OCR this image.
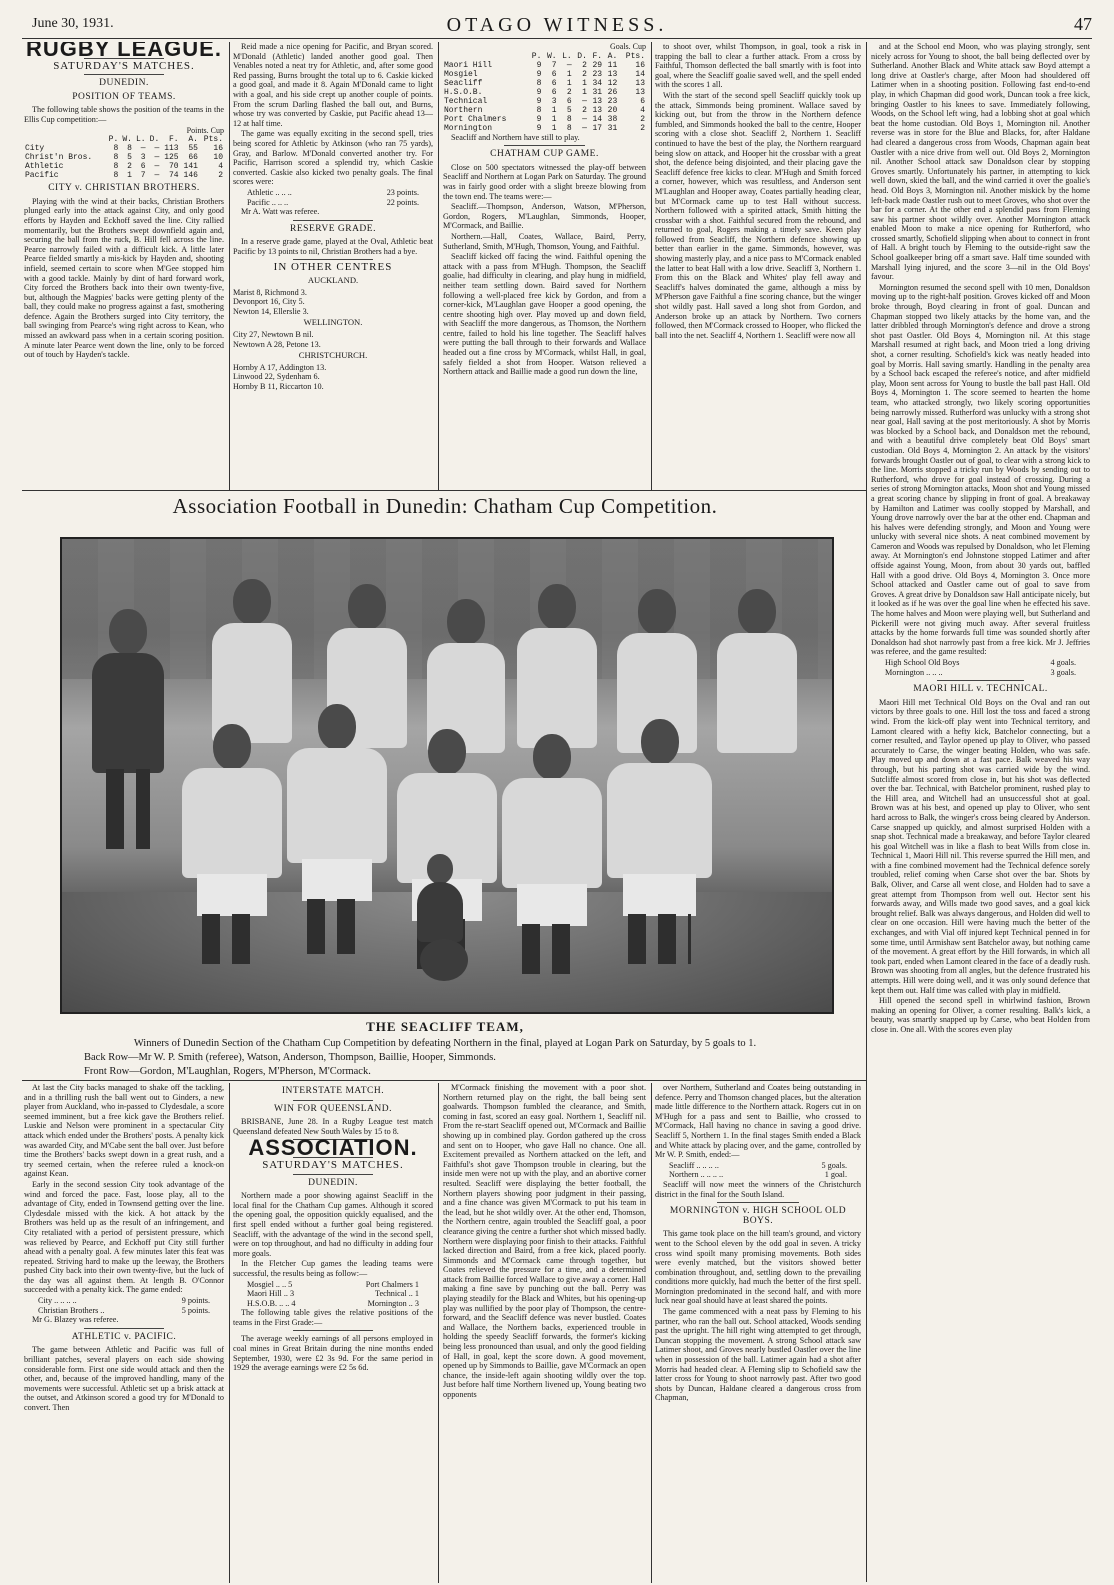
June 30, 1931.	OTAGO WITNESS.	47
RUGBY LEAGUE.
SATURDAY'S MATCHES.
DUNEDIN.
POSITION OF TEAMS.

The following table shows the position of the teams in the Ellis Cup competition:—

Points. Cup
	P.	W.	L.	D.	F.	A.	Pts.
City	8	8	—	—	113	55	16
Christ'n Bros.	8	5	3	—	125	66	10
Athletic	8	2	6	—	70	141	4
Pacific	8	1	7	—	74	146	2
CITY v. CHRISTIAN BROTHERS.

Playing with the wind at their backs, Christian Brothers plunged early into the attack against City, and only good efforts by Hayden and Eckhoff saved the line. City rallied momentarily, but the Brothers swept downfield again and, securing the ball from the ruck, B. Hill fell across the line. Pearce narrowly failed with a difficult kick. A little later Pearce fielded smartly a mis-kick by Hayden and, shooting infield, seemed certain to score when M'Gee stopped him with a good tackle. Mainly by dint of hard forward work, City forced the Brothers back into their own twenty-five, but, although the Magpies' backs were getting plenty of the ball, they could make no progress against a fast, smothering defence. Again the Brothers surged into City territory, the ball swinging from Pearce's wing right across to Kean, who missed an awkward pass when in a certain scoring position. A minute later Pearce went down the line, only to be forced out of touch by Hayden's tackle.

Reid made a nice opening for Pacific, and Bryan scored. M'Donald (Athletic) landed another good goal. Then Venables noted a neat try for Athletic, and, after some good Red passing, Burns brought the total up to 6. Caskie kicked a good goal, and made it 8. Again M'Donald came to light with a goal, and his side crept up another couple of points. From the scrum Darling flashed the ball out, and Burns, whose try was converted by Caskie, put Pacific ahead 13—12 at half time.

The game was equally exciting in the second spell, tries being scored for Athletic by Atkinson (who ran 75 yards), Gray, and Barlow. M'Donald converted another try. For Pacific, Harrison scored a splendid try, which Caskie converted. Caskie also kicked two penalty goals. The final scores were:

Athletic .. .. ..	23 points.
Pacific .. .. ..	22 points.

Mr A. Watt was referee.

RESERVE GRADE.

In a reserve grade game, played at the Oval, Athletic beat Pacific by 13 points to nil, Christian Brothers had a bye.

IN OTHER CENTRES
AUCKLAND.
Marist 8, Richmond 3.
Devonport 16, City 5.
Newton 14, Ellerslie 3.
WELLINGTON.
City 27, Newtown B nil.
Newtown A 28, Petone 13.
CHRISTCHURCH.
Hornby A 17, Addington 13.
Linwood 22, Sydenham 6.
Hornby B 11, Riccarton 10.
Goals. Cup
	P.	W.	L.	D.	F.	A.	Pts.
Maori Hill	9	7	—	2	29	11	16
Mosgiel	9	6	1	2	23	13	14
Seacliff	8	6	1	1	34	12	13
H.S.O.B.	9	6	2	1	31	26	13
Technical	9	3	6	—	13	23	6
Northern	8	1	5	2	13	20	4
Port Chalmers	9	1	8	—	14	38	2
Mornington	9	1	8	—	17	31	2

Seacliff and Northern have still to play.

CHATHAM CUP GAME.

Close on 500 spectators witnessed the play-off between Seacliff and Northern at Logan Park on Saturday. The ground was in fairly good order with a slight breeze blowing from the town end. The teams were:—

Seacliff.—Thompson, Anderson, Watson, M'Pherson, Gordon, Rogers, M'Laughlan, Simmonds, Hooper, M'Cormack, and Baillie.

Northern.—Hall, Coates, Wallace, Baird, Perry, Sutherland, Smith, M'Hugh, Thomson, Young, and Faithful.

Seacliff kicked off facing the wind. Faithful opening the attack with a pass from M'Hugh. Thompson, the Seacliff goalie, had difficulty in clearing, and play hung in midfield, neither team settling down. Baird saved for Northern following a well-placed free kick by Gordon, and from a corner-kick, M'Laughlan gave Hooper a good opening, the centre shooting high over. Play moved up and down field, with Seacliff the more dangerous, as Thomson, the Northern centre, failed to hold his line together. The Seacliff halves were putting the ball through to their forwards and Wallace headed out a fine cross by M'Cormack, whilst Hall, in goal, safely fielded a shot from Hooper. Watson relieved a Northern attack and Baillie made a good run down the line,

to shoot over, whilst Thompson, in goal, took a risk in trapping the ball to clear a further attack. From a cross by Faithful, Thomson deflected the ball smartly with is foot into goal, where the Seacliff goalie saved well, and the spell ended with the scores 1 all.

With the start of the second spell Seacliff quickly took up the attack, Simmonds being prominent. Wallace saved by kicking out, but from the throw in the Northern defence fumbled, and Simmonds hooked the ball to the centre, Hooper scoring with a close shot. Seacliff 2, Northern 1. Seacliff continued to have the best of the play, the Northern rearguard being slow on attack, and Hooper hit the crossbar with a great shot, the defence being disjointed, and their placing gave the Seacliff defence free kicks to clear. M'Hugh and Smith forced a corner, however, which was resultless, and Anderson sent M'Laughlan and Hooper away, Coates partially heading clear, but M'Cormack came up to test Hall without success. Northern followed with a spirited attack, Smith hitting the crossbar with a shot. Faithful secured from the rebound, and returned to goal, Rogers making a timely save. Keen play followed from Seacliff, the Northern defence showing up better than earlier in the game. Simmonds, however, was showing masterly play, and a nice pass to M'Cormack enabled the latter to beat Hall with a low drive. Seacliff 3, Northern 1. From this on the Black and Whites' play fell away and Seacliff's halves dominated the game, although a miss by M'Pherson gave Faithful a fine scoring chance, but the winger shot wildly past. Hall saved a long shot from Gordon, and Anderson broke up an attack by Northern. Two corners followed, then M'Cormack crossed to Hooper, who flicked the ball into the net. Seacliff 4, Northern 1. Seacliff were now all

and at the School end Moon, who was playing strongly, sent nicely across for Young to shoot, the ball being deflected over by Sutherland. Another Black and White attack saw Boyd attempt a long drive at Oastler's charge, after Moon had shouldered off Latimer when in a shooting position. Following fast end-to-end play, in which Chapman did good work, Duncan took a free kick, bringing Oastler to his knees to save. Immediately following, Woods, on the School left wing, had a lobbing shot at goal which beat the home custodian. Old Boys 1, Mornington nil. Another reverse was in store for the Blue and Blacks, for, after Haldane had cleared a dangerous cross from Woods, Chapman again beat Oastler with a nice drive from well out. Old Boys 2, Mornington nil. Another School attack saw Donaldson clear by stopping Groves smartly. Unfortunately his partner, in attempting to kick well down, skied the ball, and the wind carried it over the goalie's head. Old Boys 3, Mornington nil. Another miskick by the home left-back made Oastler rush out to meet Groves, who shot over the bar for a corner. At the other end a splendid pass from Fleming saw his partner shoot wildly over. Another Mornington attack enabled Moon to make a nice opening for Rutherford, who crossed smartly, Schofield slipping when about to connect in front of Hall. A bright touch by Fleming to the outside-right saw the School goalkeeper bring off a smart save. Half time sounded with Marshall lying injured, and the score 3—nil in the Old Boys' favour.

Mornington resumed the second spell with 10 men, Donaldson moving up to the right-half position. Groves kicked off and Moon broke through, Boyd clearing in front of goal. Duncan and Chapman stopped two likely attacks by the home van, and the latter dribbled through Mornington's defence and drove a strong shot past Oastler. Old Boys 4, Mornington nil. At this stage Marshall resumed at right back, and Moon tried a long driving shot, a corner resulting. Schofield's kick was neatly headed into goal by Morris. Hall saving smartly. Handling in the penalty area by a School back escaped the referee's notice, and after midfield play, Moon sent across for Young to bustle the ball past Hall. Old Boys 4, Mornington 1. The score seemed to hearten the home team, who attacked strongly, two likely scoring opportunities being narrowly missed. Rutherford was unlucky with a strong shot near goal, Hall saving at the post meritoriously. A shot by Morris was blocked by a School back, and Donaldson met the rebound, and with a beautiful drive completely beat Old Boys' smart custodian. Old Boys 4, Mornington 2. An attack by the visitors' forwards brought Oastler out of goal, to clear with a strong kick to the line. Morris stopped a tricky run by Woods by sending out to Rutherford, who drove for goal instead of crossing. During a series of strong Mornington attacks, Moon shot and Young missed a great scoring chance by slipping in front of goal. A breakaway by Hamilton and Latimer was coolly stopped by Marshall, and Young drove narrowly over the bar at the other end. Chapman and his halves were defending strongly, and Moon and Young were unlucky with several nice shots. A neat combined movement by Cameron and Woods was repulsed by Donaldson, who let Fleming away. At Mornington's end Johnstone stopped Latimer and after offside against Young, Moon, from about 30 yards out, baffled Hall with a good drive. Old Boys 4, Mornington 3. Once more School attacked and Oastler came out of goal to save from Groves. A great drive by Donaldson saw Hall anticipate nicely, but it looked as if he was over the goal line when he effected his save. The home halves and Moon were playing well, but Sutherland and Pickerill were not giving much away. After several fruitless attacks by the home forwards full time was sounded shortly after Donaldson had shot narrowly past from a free kick. Mr J. Jeffries was referee, and the game resulted:

High School Old Boys	4 goals.
Mornington .. .. ..	3 goals.
MAORI HILL v. TECHNICAL.

Maori Hill met Technical Old Boys on the Oval and ran out victors by three goals to one. Hill lost the toss and faced a strong wind. From the kick-off play went into Technical territory, and Lamont cleared with a hefty kick, Batchelor connecting, but a corner resulted, and Taylor opened up play to Oliver, who passed accurately to Carse, the winger beating Holden, who was safe. Play moved up and down at a fast pace. Balk weaved his way through, but his parting shot was carried wide by the wind. Sutcliffe almost scored from close in, but his shot was deflected over the bar. Technical, with Batchelor prominent, rushed play to the Hill area, and Witchell had an unsuccessful shot at goal. Brown was at his best, and opened up play to Oliver, who sent hard across to Balk, the winger's cross being cleared by Anderson. Carse snapped up quickly, and almost surprised Holden with a snap shot. Technical made a breakaway, and before Taylor cleared his goal Witchell was in like a flash to beat Wills from close in. Technical 1, Maori Hill nil. This reverse spurred the Hill men, and with a fine combined movement had the Technical defence sorely troubled, relief coming when Carse shot over the bar. Shots by Balk, Oliver, and Carse all went close, and Holden had to save a great attempt from Thompson from well out. Hector sent his forwards away, and Wills made two good saves, and a goal kick brought relief. Balk was always dangerous, and Holden did well to clear on one occasion. Hill were having much the better of the exchanges, and with Vial off injured kept Technical penned in for some time, until Armishaw sent Batchelor away, but nothing came of the movement. A great effort by the Hill forwards, in which all took part, ended when Lamont cleared in the face of a deadly rush. Brown was shooting from all angles, but the defence frustrated his attempts. Hill were doing well, and it was only sound defence that kept them out. Half time was called with play in midfield.

Hill opened the second spell in whirlwind fashion, Brown making an opening for Oliver, a corner resulting. Balk's kick, a beauty, was smartly snapped up by Carse, who beat Holden from close in. One all. With the scores even play

Association Football in Dunedin: Chatham Cup Competition.
THE SEACLIFF TEAM,
Winners of Dunedin Section of the Chatham Cup Competition by defeating Northern in the final, played at Logan Park on Saturday, by 5 goals to 1.
Back Row—Mr W. P. Smith (referee), Watson, Anderson, Thompson, Baillie, Hooper, Simmonds.
Front Row—Gordon, M'Laughlan, Rogers, M'Pherson, M'Cormack.

At last the City backs managed to shake off the tackling, and in a thrilling rush the ball went out to Ginders, a new player from Auckland, who in-passed to Clydesdale, a score seemed imminent, but a free kick gave the Brothers relief. Luskie and Nelson were prominent in a spectacular City attack which ended under the Brothers' posts. A penalty kick was awarded City, and M'Cabe sent the ball over. Just before time the Brothers' backs swept down in a great rush, and a try seemed certain, when the referee ruled a knock-on against Kean.

Early in the second session City took advantage of the wind and forced the pace. Fast, loose play, all to the advantage of City, ended in Townsend getting over the line. Clydesdale missed with the kick. A hot attack by the Brothers was held up as the result of an infringement, and City retaliated with a period of persistent pressure, which was relieved by Pearce, and Eckhoff put City still further ahead with a penalty goal. A few minutes later this feat was repeated. Striving hard to make up the leeway, the Brothers pushed City back into their own twenty-five, but the luck of the day was all against them. At length B. O'Connor succeeded with a penalty kick. The game ended:

City .. .. .. ..	9 points.
Christian Brothers ..	5 points.

Mr G. Blazey was referee.

ATHLETIC v. PACIFIC.

The game between Athletic and Pacific was full of brilliant patches, several players on each side showing considerable form. First one side would attack and then the other, and, because of the improved handling, many of the movements were successful. Athletic set up a brisk attack at the outset, and Atkinson scored a good try for M'Donald to convert. Then

INTERSTATE MATCH.
WIN FOR QUEENSLAND.

BRISBANE, June 28. In a Rugby League test match Queensland defeated New South Wales by 15 to 8.

ASSOCIATION.
SATURDAY'S MATCHES.
DUNEDIN.

Northern made a poor showing against Seacliff in the local final for the Chatham Cup games. Although it scored the opening goal, the opposition quickly equalised, and the first spell ended without a further goal being registered. Seacliff, with the advantage of the wind in the second spell, were on top throughout, and had no difficulty in adding four more goals.

In the Fletcher Cup games the leading teams were successful, the results being as follow:—

Mosgiel .. .. 5	Port Chalmers 1
Maori Hill .. 3	Technical .. 1
H.S.O.B. .. .. 4	Mornington .. 3

The following table gives the relative positions of the teams in the First Grade:—

The average weekly earnings of all persons employed in coal mines in Great Britain during the nine months ended September, 1930, were £2 3s 9d. For the same period in 1929 the average earnings were £2 5s 6d.

M'Cormack finishing the movement with a poor shot. Northern returned play on the right, the ball being sent goalwards. Thompson fumbled the clearance, and Smith, coming in fast, scored an easy goal. Northern 1, Seacliff nil. From the re-start Seacliff opened out, M'Cormack and Baillie showing up in combined play. Gordon gathered up the cross and sent on to Hooper, who gave Hall no chance. One all. Excitement prevailed as Northern attacked on the left, and Faithful's shot gave Thompson trouble in clearing, but the inside men were not up with the play, and an abortive corner resulted. Seacliff were displaying the better football, the Northern players showing poor judgment in their passing, and a fine chance was given M'Cormack to put his team in the lead, but he shot wildly over. At the other end, Thomson, the Northern centre, again troubled the Seacliff goal, a poor clearance giving the centre a further shot which missed badly. Northern were displaying poor finish to their attacks. Faithful lacked direction and Baird, from a free kick, placed poorly. Simmonds and M'Cormack came through together, but Coates relieved the pressure for a time, and a determined attack from Baillie forced Wallace to give away a corner. Hall making a fine save by punching out the ball. Perry was playing steadily for the Black and Whites, but his opening-up play was nullified by the poor play of Thompson, the centre-forward, and the Seacliff defence was never bustled. Coates and Wallace, the Northern backs, experienced trouble in holding the speedy Seacliff forwards, the former's kicking being less pronounced than usual, and only the good fielding of Hall, in goal, kept the score down. A good movement, opened up by Simmonds to Baillie, gave M'Cormack an open chance, the inside-left again shooting wildly over the top. Just before half time Northern livened up, Young beating two opponents

over Northern, Sutherland and Coates being outstanding in defence. Perry and Thomson changed places, but the alteration made little difference to the Northern attack. Rogers cut in on M'Hugh for a pass and sent to Baillie, who crossed to M'Cormack, Hall having no chance in saving a good drive. Seacliff 5, Northern 1. In the final stages Smith ended a Black and White attack by placing over, and the game, controlled by Mr W. P. Smith, ended:—

Seacliff .. .. .. ..	5 goals.
Northern .. .. .. ..	1 goal.

Seacliff will now meet the winners of the Christchurch district in the final for the South Island.

MORNINGTON v. HIGH SCHOOL OLD BOYS.

This game took place on the hill team's ground, and victory went to the School eleven by the odd goal in seven. A tricky cross wind spoilt many promising movements. Both sides were evenly matched, but the visitors showed better combination throughout, and, settling down to the prevailing conditions more quickly, had much the better of the first spell. Mornington predominated in the second half, and with more luck near goal should have at least shared the points.

The game commenced with a neat pass by Fleming to his partner, who ran the ball out. School attacked, Woods sending past the upright. The hill right wing attempted to get through, Duncan stopping the movement. A strong School attack saw Latimer shoot, and Groves nearly bustled Oastler over the line when in possession of the ball. Latimer again had a shot after Morris had headed clear. A Fleming slip to Schofield saw the latter cross for Young to shoot narrowly past. After two good shots by Duncan, Haldane cleared a dangerous cross from Chapman,
